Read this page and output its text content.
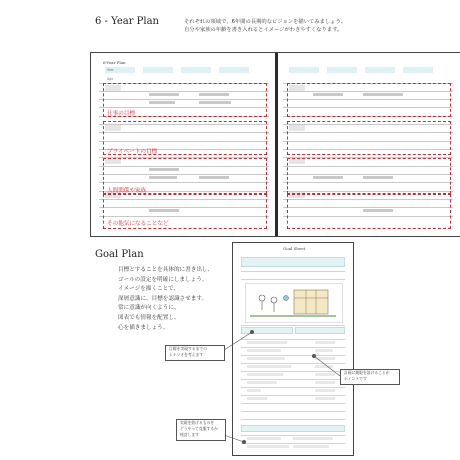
6 - Year Plan	それぞれの領域で、6年間の長期的なビジョンを描いてみましょう。
自分や家族の年齢を書き入れるとイメージがわきやすくなります。
6-Year Plan
Year
Age
仕事の目標
プライベートの目標
人間関係や家族
その他気になることなど
Goal Plan
目標とすることを具体的に書き出し、
ゴールの設定を明確にしましょう。
イメージを描くことで、
深層意識に、目標を認識させます。
常に意識が向くように、
図表でも情報を配置し、
心を描きましょう。
Goal Sheet
目標を実現するまでの
シナリオを考えます
実現を妨げるものを
どうやって克服するか
検討します
計画に期限を設けることが
ポイントです
